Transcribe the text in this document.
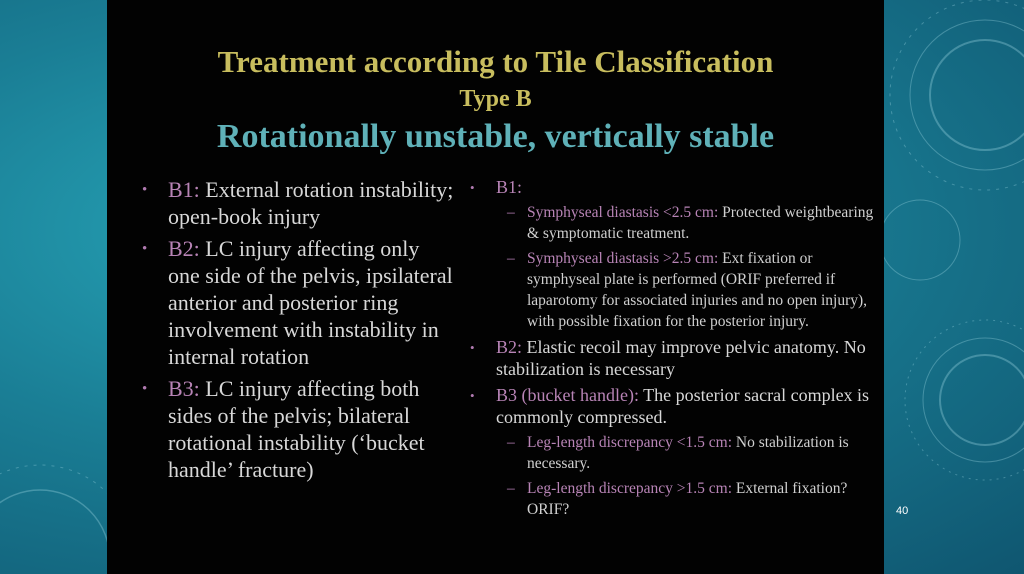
Treatment according to Tile Classification
Type B
Rotationally unstable, vertically stable
• B1: External rotation instability; open-book injury
• B2: LC injury affecting only one side of the pelvis, ipsilateral anterior and posterior ring involvement with instability in internal rotation
• B3: LC injury affecting both sides of the pelvis; bilateral rotational instability (‘bucket handle’ fracture)
• B1:
– Symphyseal diastasis <2.5 cm: Protected weightbearing & symptomatic treatment.
– Symphyseal diastasis >2.5 cm: Ext fixation or symphyseal plate is performed (ORIF preferred if laparotomy for associated injuries and no open injury), with possible fixation for the posterior injury.
• B2: Elastic recoil may improve pelvic anatomy. No stabilization is necessary
• B3 (bucket handle): The posterior sacral complex is commonly compressed.
– Leg-length discrepancy <1.5 cm: No stabilization is necessary.
– Leg-length discrepancy >1.5 cm: External fixation? ORIF?	40
